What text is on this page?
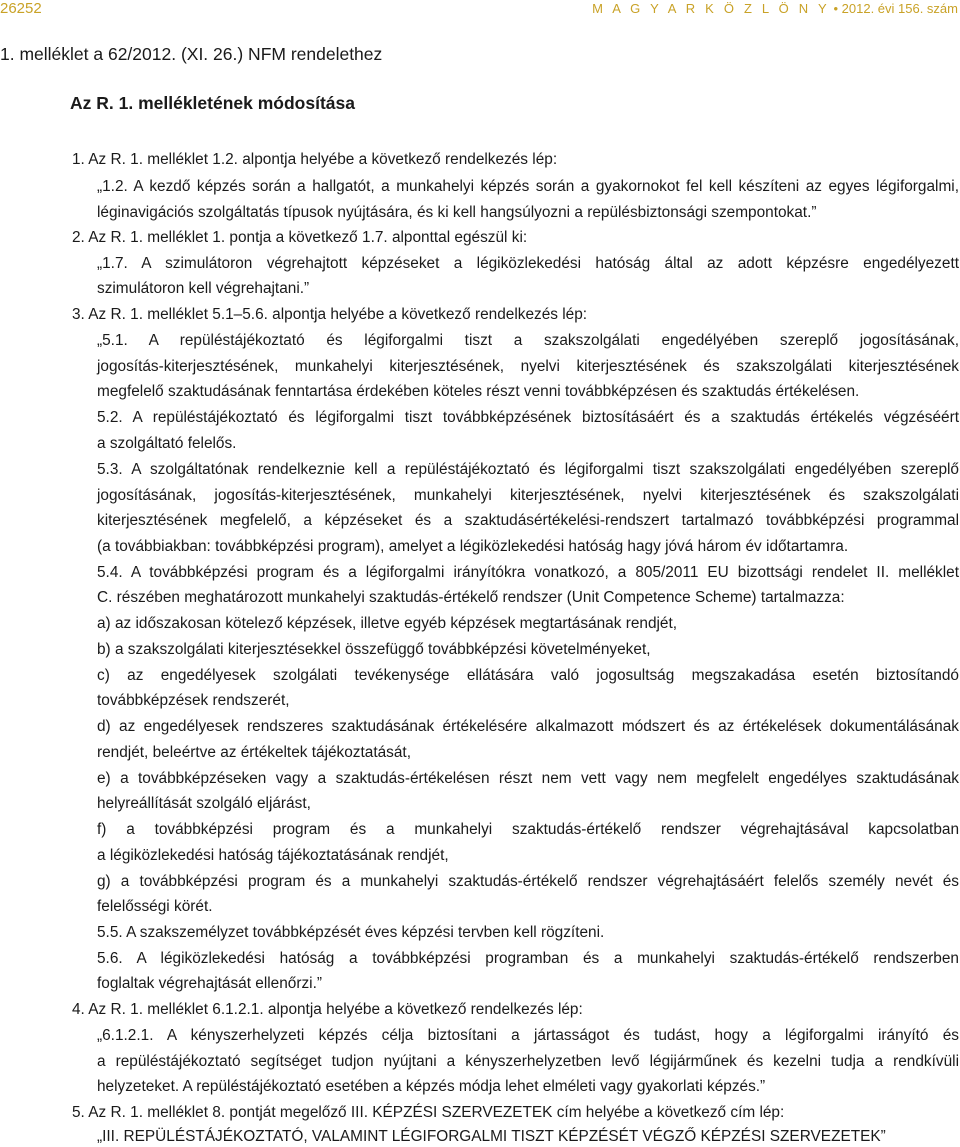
26252	M A G Y A R K Ö Z L Ö N Y • 2012. évi 156. szám
1. melléklet a 62/2012. (XI. 26.) NFM rendelethez
Az R. 1. mellékletének módosítása
1. Az R. 1. melléklet 1.2. alpontja helyébe a következő rendelkezés lép:
„1.2. A kezdő képzés során a hallgatót, a munkahelyi képzés során a gyakornokot fel kell készíteni az egyes légiforgalmi,
léginavigációs szolgáltatás típusok nyújtására, és ki kell hangsúlyozni a repülésbiztonsági szempontokat.”
2. Az R. 1. melléklet 1. pontja a következő 1.7. alponttal egészül ki:
„1.7. A szimulátoron végrehajtott képzéseket a légiközlekedési hatóság által az adott képzésre engedélyezett
szimulátoron kell végrehajtani.”
3. Az R. 1. melléklet 5.1–5.6. alpontja helyébe a következő rendelkezés lép:
„5.1. A repüléstájékoztató és légiforgalmi tiszt a szakszolgálati engedélyében szereplő jogosításának,
jogosítás-kiterjesztésének, munkahelyi kiterjesztésének, nyelvi kiterjesztésének és szakszolgálati kiterjesztésének
megfelelő szaktudásának fenntartása érdekében köteles részt venni továbbképzésen és szaktudás értékelésen.
5.2. A repüléstájékoztató és légiforgalmi tiszt továbbképzésének biztosításáért és a szaktudás értékelés végzéséért
a szolgáltató felelős.
5.3. A szolgáltatónak rendelkeznie kell a repüléstájékoztató és légiforgalmi tiszt szakszolgálati engedélyében szereplő
jogosításának, jogosítás-kiterjesztésének, munkahelyi kiterjesztésének, nyelvi kiterjesztésének és szakszolgálati
kiterjesztésének megfelelő, a képzéseket és a szaktudásértékelési-rendszert tartalmazó továbbképzési programmal
(a továbbiakban: továbbképzési program), amelyet a légiközlekedési hatóság hagy jóvá három év időtartamra.
5.4. A továbbképzési program és a légiforgalmi irányítókra vonatkozó, a 805/2011 EU bizottsági rendelet II. melléklet
C. részében meghatározott munkahelyi szaktudás-értékelő rendszer (Unit Competence Scheme) tartalmazza:
a) az időszakosan kötelező képzések, illetve egyéb képzések megtartásának rendjét,
b) a szakszolgálati kiterjesztésekkel összefüggő továbbképzési követelményeket,
c) az engedélyesek szolgálati tevékenysége ellátására való jogosultság megszakadása esetén biztosítandó
továbbképzések rendszerét,
d) az engedélyesek rendszeres szaktudásának értékelésére alkalmazott módszert és az értékelések dokumentálásának
rendjét, beleértve az értékeltek tájékoztatását,
e) a továbbképzéseken vagy a szaktudás-értékelésen részt nem vett vagy nem megfelelt engedélyes szaktudásának
helyreállítását szolgáló eljárást,
f) a továbbképzési program és a munkahelyi szaktudás-értékelő rendszer végrehajtásával kapcsolatban
a légiközlekedési hatóság tájékoztatásának rendjét,
g) a továbbképzési program és a munkahelyi szaktudás-értékelő rendszer végrehajtásáért felelős személy nevét és
felelősségi körét.
5.5. A szakszemélyzet továbbképzését éves képzési tervben kell rögzíteni.
5.6. A légiközlekedési hatóság a továbbképzési programban és a munkahelyi szaktudás-értékelő rendszerben
foglaltak végrehajtását ellenőrzi.”
4. Az R. 1. melléklet 6.1.2.1. alpontja helyébe a következő rendelkezés lép:
„6.1.2.1. A kényszerhelyzeti képzés célja biztosítani a jártasságot és tudást, hogy a légiforgalmi irányító és
a repüléstájékoztató segítséget tudjon nyújtani a kényszerhelyzetben levő légijárműnek és kezelni tudja a rendkívüli
helyzeteket. A repüléstájékoztató esetében a képzés módja lehet elméleti vagy gyakorlati képzés.”
5. Az R. 1. melléklet 8. pontját megelőző III. KÉPZÉSI SZERVEZETEK cím helyébe a következő cím lép:
„III. REPÜLÉSTÁJÉKOZTATÓ, VALAMINT LÉGIFORGALMI TISZT KÉPZÉSÉT VÉGZŐ KÉPZÉSI SZERVEZETEK”
